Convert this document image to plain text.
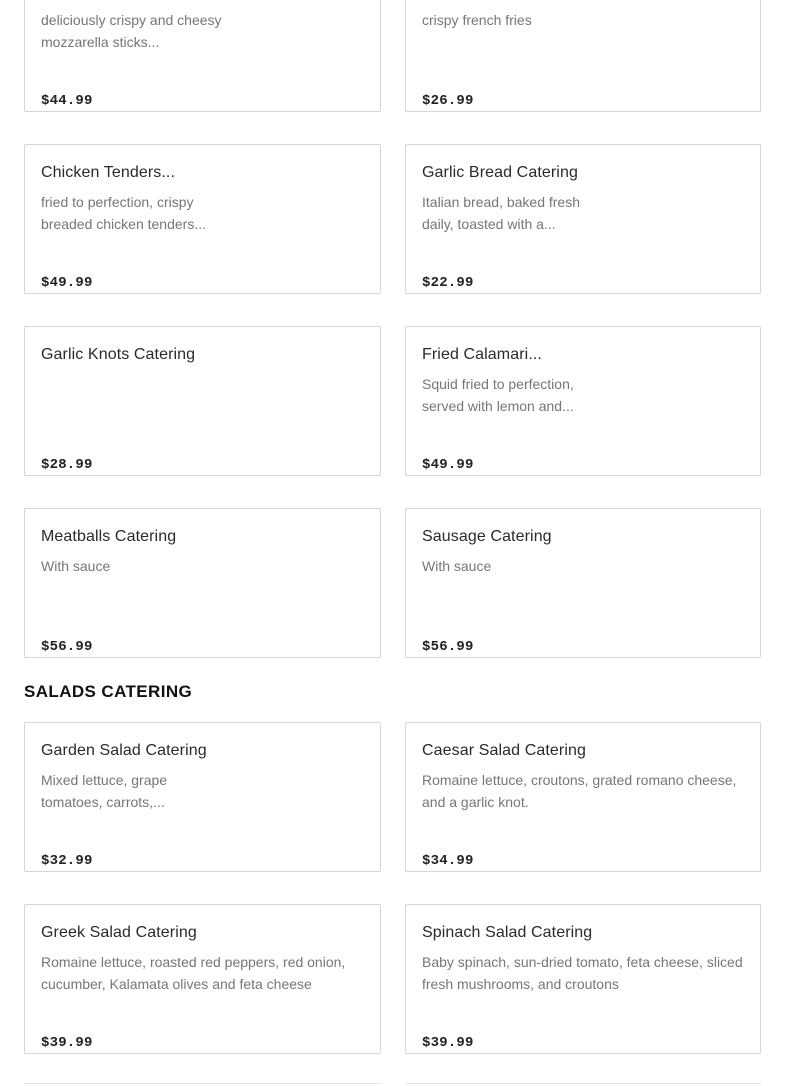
deliciously crispy and cheesy mozzarella sticks...
$44.99
crispy french fries
$26.99
Chicken Tenders...
fried to perfection, crispy breaded chicken tenders...
$49.99
Garlic Bread Catering
Italian bread, baked fresh daily, toasted with a...
$22.99
Garlic Knots Catering
$28.99
Fried Calamari...
Squid fried to perfection, served with lemon and...
$49.99
Meatballs Catering
With sauce
$56.99
Sausage Catering
With sauce
$56.99
SALADS CATERING
Garden Salad Catering
Mixed lettuce, grape tomatoes, carrots,...
$32.99
Caesar Salad Catering
Romaine lettuce, croutons, grated romano cheese, and a garlic knot.
$34.99
Greek Salad Catering
Romaine lettuce, roasted red peppers, red onion, cucumber, Kalamata olives and feta cheese
$39.99
Spinach Salad Catering
Baby spinach, sun-dried tomato, feta cheese, sliced fresh mushrooms, and croutons
$39.99
